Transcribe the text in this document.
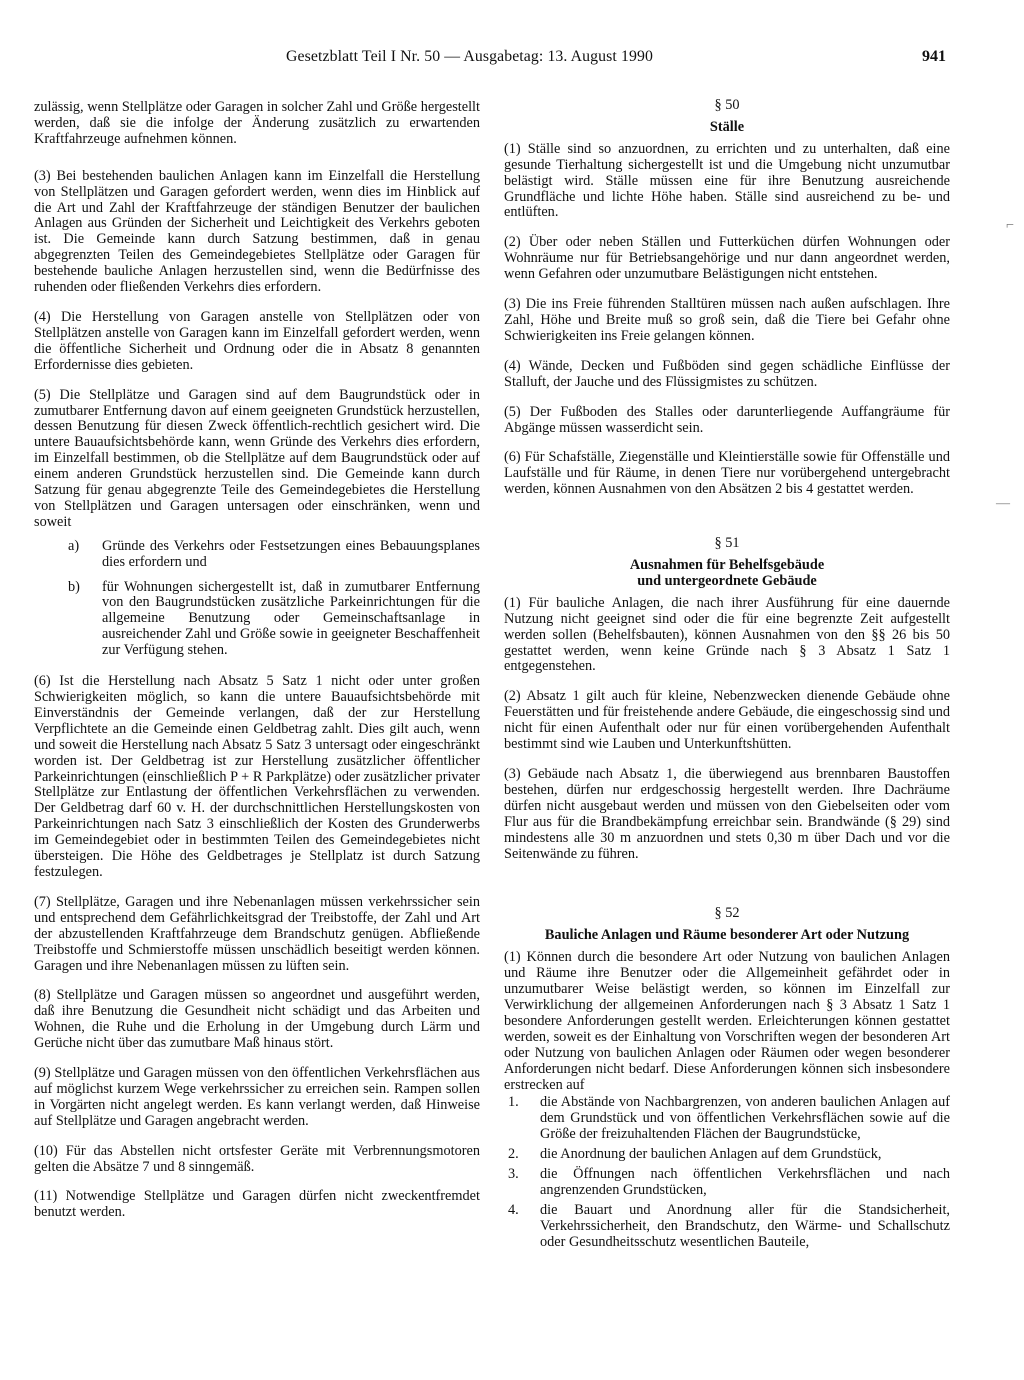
Gesetzblatt Teil I Nr. 50 — Ausgabetag: 13. August 1990	941

zulässig, wenn Stellplätze oder Garagen in solcher Zahl und Größe hergestellt werden, daß sie die infolge der Änderung zusätzlich zu erwartenden Kraftfahrzeuge aufnehmen können.

(3) Bei bestehenden baulichen Anlagen kann im Einzelfall die Herstellung von Stellplätzen und Garagen gefordert werden, wenn dies im Hinblick auf die Art und Zahl der Kraftfahrzeuge der ständigen Benutzer der baulichen Anlagen aus Gründen der Sicherheit und Leichtigkeit des Verkehrs geboten ist. Die Gemeinde kann durch Satzung bestimmen, daß in genau abgegrenzten Teilen des Gemeindegebietes Stellplätze oder Garagen für bestehende bauliche Anlagen herzustellen sind, wenn die Bedürfnisse des ruhenden oder fließenden Verkehrs dies erfordern.

(4) Die Herstellung von Garagen anstelle von Stellplätzen oder von Stellplätzen anstelle von Garagen kann im Einzelfall gefordert werden, wenn die öffentliche Sicherheit und Ordnung oder die in Absatz 8 genannten Erfordernisse dies gebieten.

(5) Die Stellplätze und Garagen sind auf dem Baugrundstück oder in zumutbarer Entfernung davon auf einem geeigneten Grundstück herzustellen, dessen Benutzung für diesen Zweck öffentlich-rechtlich gesichert wird. Die untere Bauaufsichtsbehörde kann, wenn Gründe des Verkehrs dies erfordern, im Einzelfall bestimmen, ob die Stellplätze auf dem Baugrundstück oder auf einem anderen Grundstück herzustellen sind. Die Gemeinde kann durch Satzung für genau abgegrenzte Teile des Gemeindegebietes die Herstellung von Stellplätzen und Garagen untersagen oder einschränken, wenn und soweit

a)	Gründe des Verkehrs oder Festsetzungen eines Bebauungsplanes dies erfordern und
b)	für Wohnungen sichergestellt ist, daß in zumutbarer Entfernung von den Baugrundstücken zusätzliche Parkeinrichtungen für die allgemeine Benutzung oder Gemeinschaftsanlage in ausreichender Zahl und Größe sowie in geeigneter Beschaffenheit zur Verfügung stehen.

(6) Ist die Herstellung nach Absatz 5 Satz 1 nicht oder unter großen Schwierigkeiten möglich, so kann die untere Bauaufsichtsbehörde mit Einverständnis der Gemeinde verlangen, daß der zur Herstellung Verpflichtete an die Gemeinde einen Geldbetrag zahlt. Dies gilt auch, wenn und soweit die Herstellung nach Absatz 5 Satz 3 untersagt oder eingeschränkt worden ist. Der Geldbetrag ist zur Herstellung zusätzlicher öffentlicher Parkeinrichtungen (einschließlich P + R Parkplätze) oder zusätzlicher privater Stellplätze zur Entlastung der öffentlichen Verkehrsflächen zu verwenden. Der Geldbetrag darf 60 v. H. der durchschnittlichen Herstellungskosten von Parkeinrichtungen nach Satz 3 einschließlich der Kosten des Grunderwerbs im Gemeindegebiet oder in bestimmten Teilen des Gemeindegebietes nicht übersteigen. Die Höhe des Geldbetrages je Stellplatz ist durch Satzung festzulegen.

(7) Stellplätze, Garagen und ihre Nebenanlagen müssen verkehrssicher sein und entsprechend dem Gefährlichkeitsgrad der Treibstoffe, der Zahl und Art der abzustellenden Kraftfahrzeuge dem Brandschutz genügen. Abfließende Treibstoffe und Schmierstoffe müssen unschädlich beseitigt werden können. Garagen und ihre Nebenanlagen müssen zu lüften sein.

(8) Stellplätze und Garagen müssen so angeordnet und ausgeführt werden, daß ihre Benutzung die Gesundheit nicht schädigt und das Arbeiten und Wohnen, die Ruhe und die Erholung in der Umgebung durch Lärm und Gerüche nicht über das zumutbare Maß hinaus stört.

(9) Stellplätze und Garagen müssen von den öffentlichen Verkehrsflächen aus auf möglichst kurzem Wege verkehrssicher zu erreichen sein. Rampen sollen in Vorgärten nicht angelegt werden. Es kann verlangt werden, daß Hinweise auf Stellplätze und Garagen angebracht werden.

(10) Für das Abstellen nicht ortsfester Geräte mit Verbrennungsmotoren gelten die Absätze 7 und 8 sinngemäß.

(11) Notwendige Stellplätze und Garagen dürfen nicht zweckentfremdet benutzt werden.

§ 50
Ställe

(1) Ställe sind so anzuordnen, zu errichten und zu unterhalten, daß eine gesunde Tierhaltung sichergestellt ist und die Umgebung nicht unzumutbar belästigt wird. Ställe müssen eine für ihre Benutzung ausreichende Grundfläche und lichte Höhe haben. Ställe sind ausreichend zu be- und entlüften.

(2) Über oder neben Ställen und Futterküchen dürfen Wohnungen oder Wohnräume nur für Betriebsangehörige und nur dann angeordnet werden, wenn Gefahren oder unzumutbare Belästigungen nicht entstehen.

(3) Die ins Freie führenden Stalltüren müssen nach außen aufschlagen. Ihre Zahl, Höhe und Breite muß so groß sein, daß die Tiere bei Gefahr ohne Schwierigkeiten ins Freie gelangen können.

(4) Wände, Decken und Fußböden sind gegen schädliche Einflüsse der Stalluft, der Jauche und des Flüssigmistes zu schützen.

(5) Der Fußboden des Stalles oder darunterliegende Auffangräume für Abgänge müssen wasserdicht sein.

(6) Für Schafställe, Ziegenställe und Kleintierställe sowie für Offenställe und Laufställe und für Räume, in denen Tiere nur vorübergehend untergebracht werden, können Ausnahmen von den Absätzen 2 bis 4 gestattet werden.

§ 51
Ausnahmen für Behelfsgebäude
und untergeordnete Gebäude

(1) Für bauliche Anlagen, die nach ihrer Ausführung für eine dauernde Nutzung nicht geeignet sind oder die für eine begrenzte Zeit aufgestellt werden sollen (Behelfsbauten), können Ausnahmen von den §§ 26 bis 50 gestattet werden, wenn keine Gründe nach § 3 Absatz 1 Satz 1 entgegenstehen.

(2) Absatz 1 gilt auch für kleine, Nebenzwecken dienende Gebäude ohne Feuerstätten und für freistehende andere Gebäude, die eingeschossig sind und nicht für einen Aufenthalt oder nur für einen vorübergehenden Aufenthalt bestimmt sind wie Lauben und Unterkunftshütten.

(3) Gebäude nach Absatz 1, die überwiegend aus brennbaren Baustoffen bestehen, dürfen nur erdgeschossig hergestellt werden. Ihre Dachräume dürfen nicht ausgebaut werden und müssen von den Giebelseiten oder vom Flur aus für die Brandbekämpfung erreichbar sein. Brandwände (§ 29) sind mindestens alle 30 m anzuordnen und stets 0,30 m über Dach und vor die Seitenwände zu führen.

§ 52
Bauliche Anlagen und Räume besonderer Art oder Nutzung

(1) Können durch die besondere Art oder Nutzung von baulichen Anlagen und Räume ihre Benutzer oder die Allgemeinheit gefährdet oder in unzumutbarer Weise belästigt werden, so können im Einzelfall zur Verwirklichung der allgemeinen Anforderungen nach § 3 Absatz 1 Satz 1 besondere Anforderungen gestellt werden. Erleichterungen können gestattet werden, soweit es der Einhaltung von Vorschriften wegen der besonderen Art oder Nutzung von baulichen Anlagen oder Räumen oder wegen besonderer Anforderungen nicht bedarf. Diese Anforderungen können sich insbesondere erstrecken auf

1.	die Abstände von Nachbargrenzen, von anderen baulichen Anlagen auf dem Grundstück und von öffentlichen Verkehrsflächen sowie auf die Größe der freizuhaltenden Flächen der Baugrundstücke,
2.	die Anordnung der baulichen Anlagen auf dem Grundstück,
3.	die Öffnungen nach öffentlichen Verkehrsflächen und nach angrenzenden Grundstücken,
4.	die Bauart und Anordnung aller für die Standsicherheit, Verkehrssicherheit, den Brandschutz, den Wärme- und Schallschutz oder Gesundheitsschutz wesentlichen Bauteile,
⌐
—
